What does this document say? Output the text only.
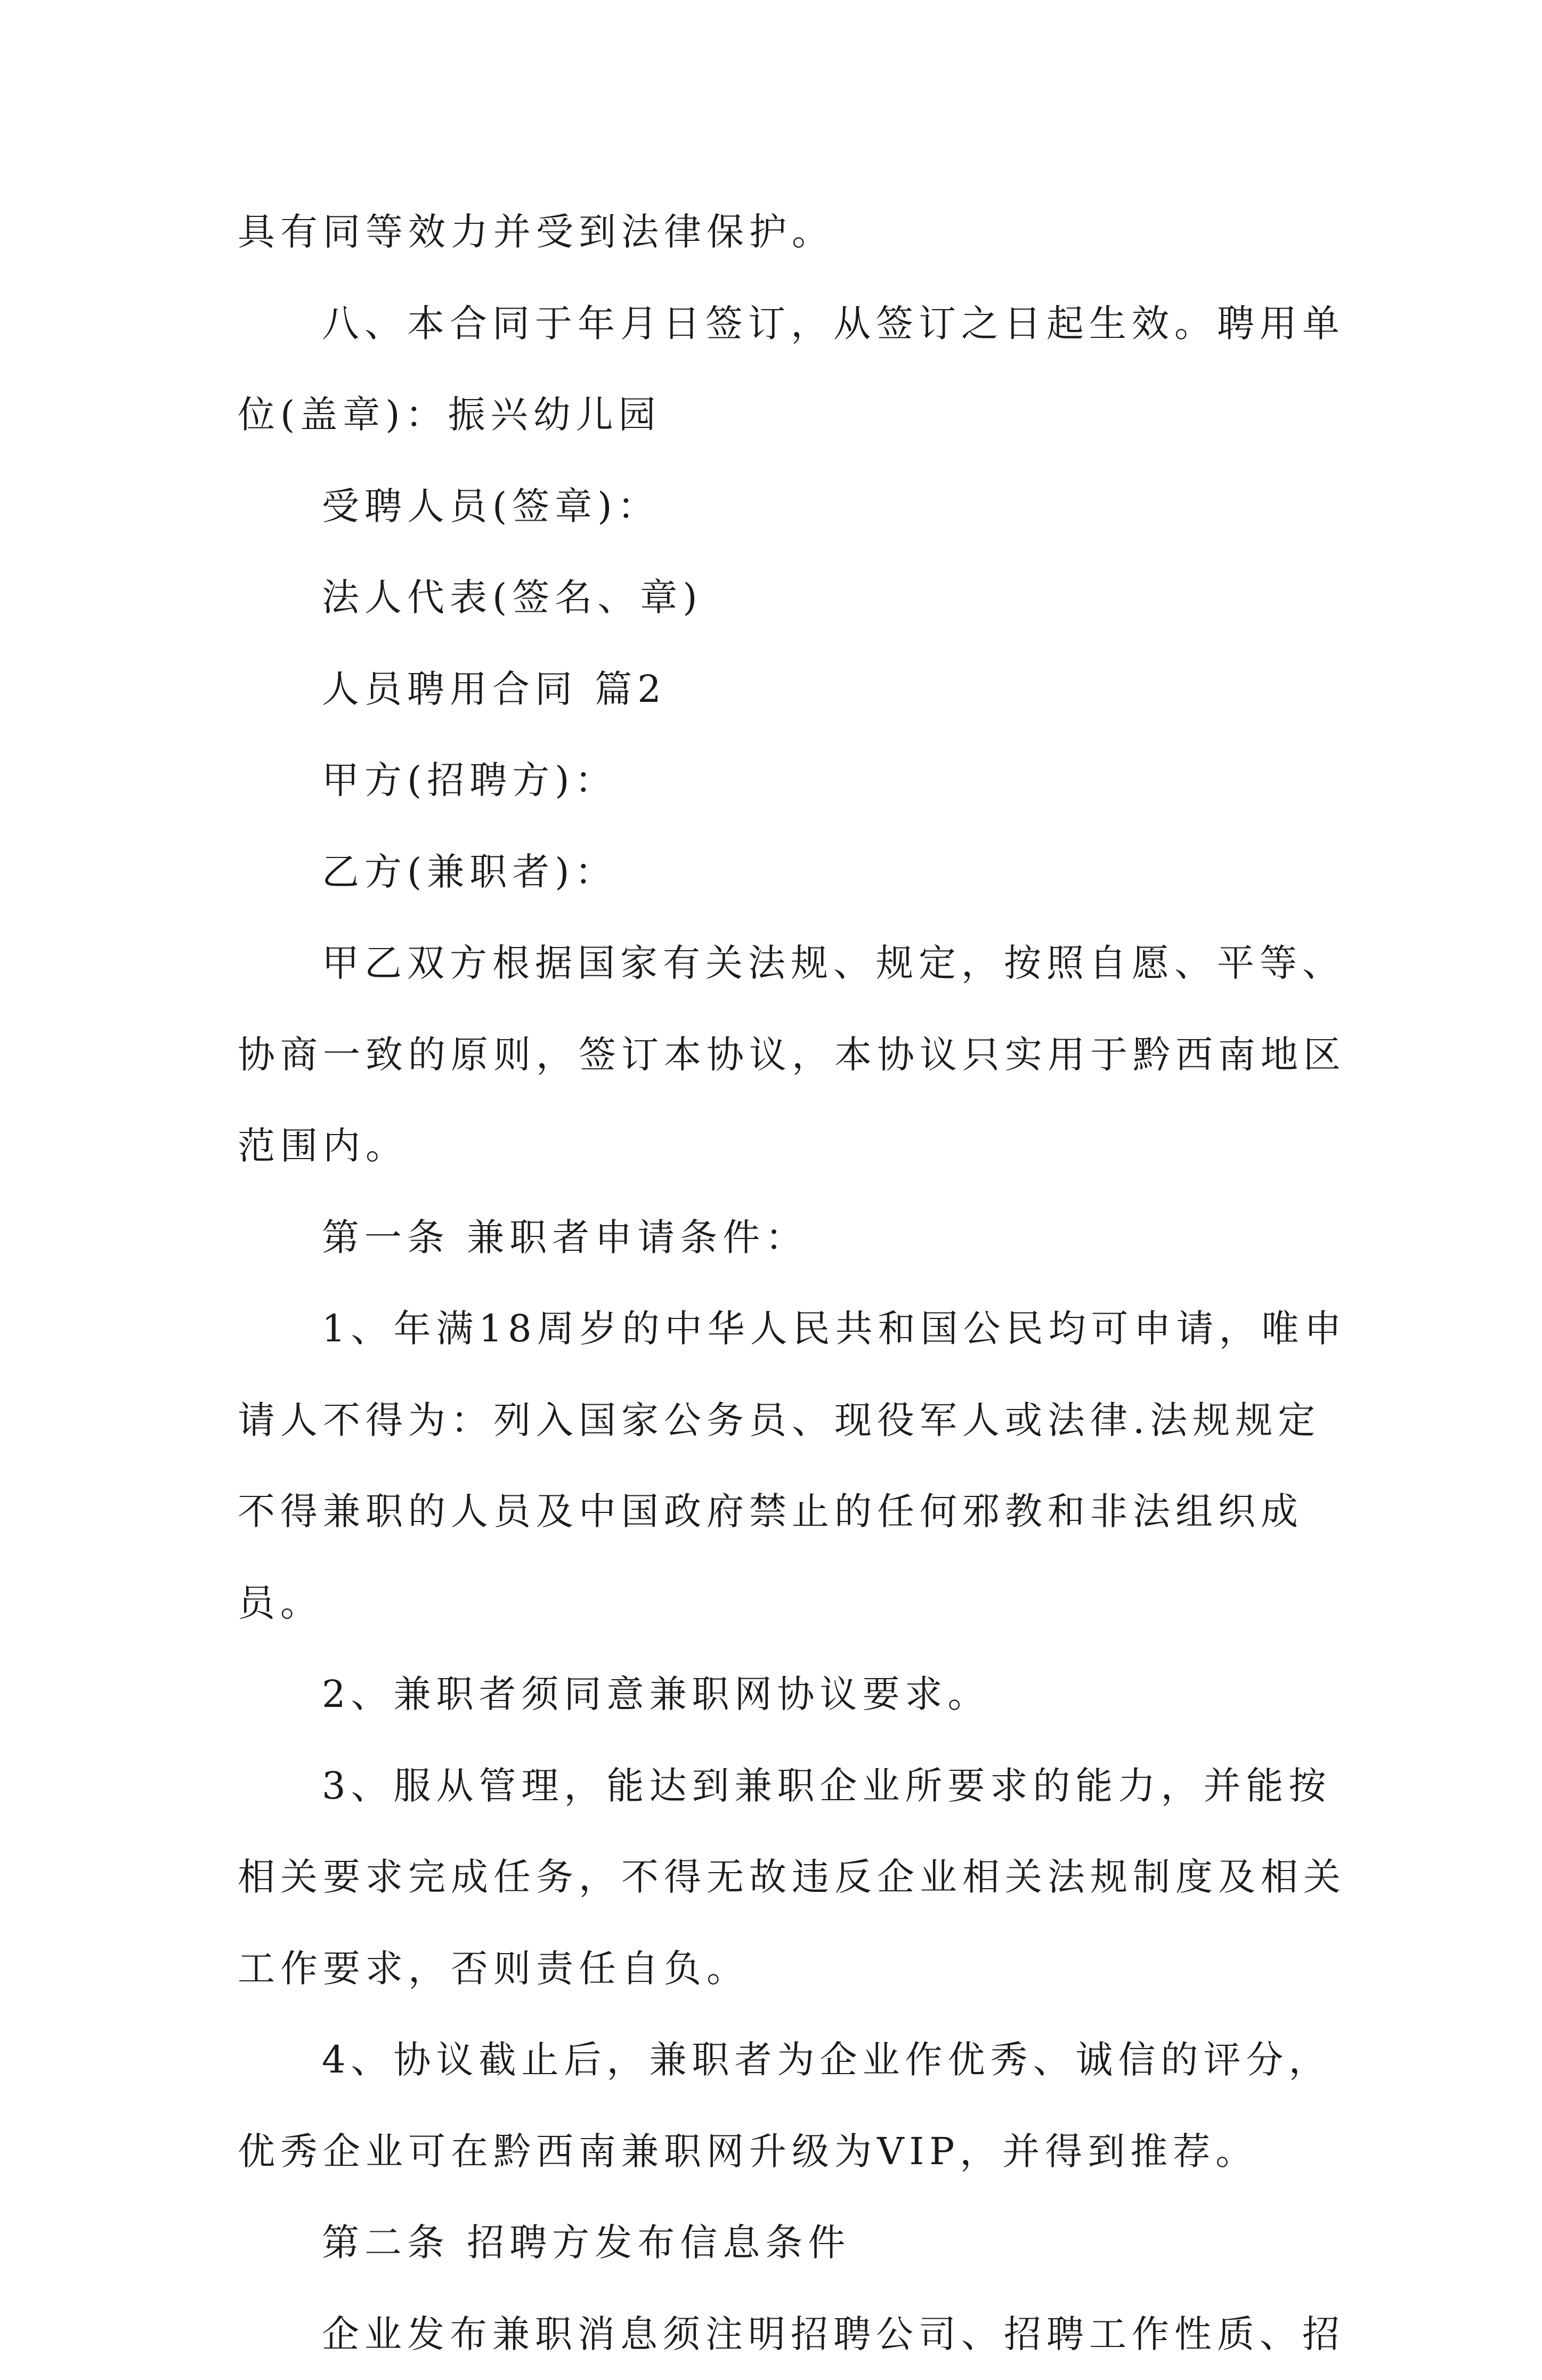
具有同等效力并受到法律保护。
八、本合同于年月日签订，从签订之日起生效。聘用单
位(盖章)：振兴幼儿园
受聘人员(签章)：
法人代表(签名、章)
人员聘用合同 篇2
甲方(招聘方)：
乙方(兼职者)：
甲乙双方根据国家有关法规、规定，按照自愿、平等、
协商一致的原则，签订本协议，本协议只实用于黔西南地区
范围内。
第一条 兼职者申请条件：
1、年满18周岁的中华人民共和国公民均可申请，唯申
请人不得为：列入国家公务员、现役军人或法律.法规规定
不得兼职的人员及中国政府禁止的任何邪教和非法组织成
员。
2、兼职者须同意兼职网协议要求。
3、服从管理，能达到兼职企业所要求的能力，并能按
相关要求完成任务，不得无故违反企业相关法规制度及相关
工作要求，否则责任自负。
4、协议截止后，兼职者为企业作优秀、诚信的评分，
优秀企业可在黔西南兼职网升级为VIP，并得到推荐。
第二条 招聘方发布信息条件
企业发布兼职消息须注明招聘公司、招聘工作性质、招
